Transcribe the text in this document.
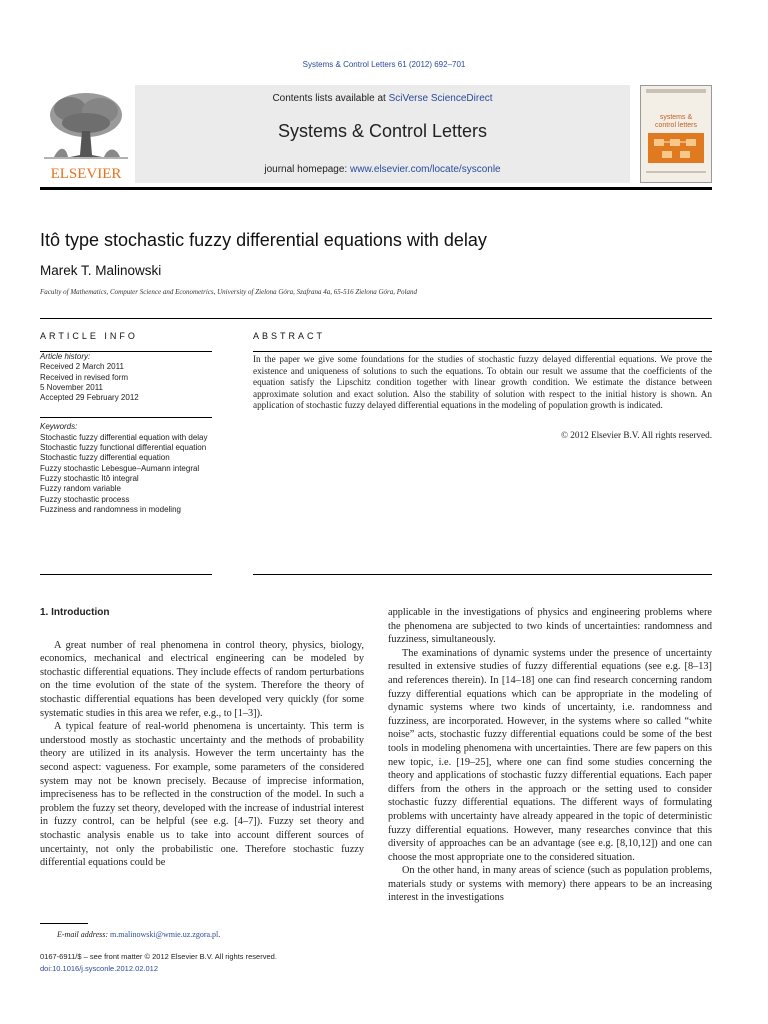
Systems & Control Letters 61 (2012) 692–701
ELSEVIER
Contents lists available at SciVerse ScienceDirect
Systems & Control Letters
journal homepage: www.elsevier.com/locate/sysconle
systems &
control letters
Itô type stochastic fuzzy differential equations with delay
Marek T. Malinowski
Faculty of Mathematics, Computer Science and Econometrics, University of Zielona Góra, Szafrana 4a, 65-516 Zielona Góra, Poland
ARTICLE INFO	ABSTRACT
Article history:
Received 2 March 2011
Received in revised form
5 November 2011
Accepted 29 February 2012
Keywords:
Stochastic fuzzy differential equation with delay
Stochastic fuzzy functional differential equation
Stochastic fuzzy differential equation
Fuzzy stochastic Lebesgue–Aumann integral
Fuzzy stochastic Itô integral
Fuzzy random variable
Fuzzy stochastic process
Fuzziness and randomness in modeling
In the paper we give some foundations for the studies of stochastic fuzzy delayed differential equations. We prove the existence and uniqueness of solutions to such the equations. To obtain our result we assume that the coefficients of the equation satisfy the Lipschitz condition together with linear growth condition. We estimate the distance between approximate solution and exact solution. Also the stability of solution with respect to the initial history is shown. An application of stochastic fuzzy delayed differential equations in the modeling of population growth is indicated.
© 2012 Elsevier B.V. All rights reserved.
1. Introduction

A great number of real phenomena in control theory, physics, biology, economics, mechanical and electrical engineering can be modeled by stochastic differential equations. They include effects of random perturbations on the time evolution of the state of the system. Therefore the theory of stochastic differential equations has been developed very quickly (for some systematic studies in this area we refer, e.g., to [1–3]).

A typical feature of real-world phenomena is uncertainty. This term is understood mostly as stochastic uncertainty and the methods of probability theory are utilized in its analysis. However the term uncertainty has the second aspect: vagueness. For example, some parameters of the considered system may not be known precisely. Because of imprecise information, impreciseness has to be reflected in the construction of the model. In such a problem the fuzzy set theory, developed with the increase of industrial interest in fuzzy control, can be helpful (see e.g. [4–7]). Fuzzy set theory and stochastic analysis enable us to take into account different sources of uncertainty, not only the probabilistic one. Therefore stochastic fuzzy differential equations could be

applicable in the investigations of physics and engineering problems where the phenomena are subjected to two kinds of uncertainties: randomness and fuzziness, simultaneously.

The examinations of dynamic systems under the presence of uncertainty resulted in extensive studies of fuzzy differential equations (see e.g. [8–13] and references therein). In [14–18] one can find research concerning random fuzzy differential equations which can be appropriate in the modeling of dynamic systems where two kinds of uncertainty, i.e. randomness and fuzziness, are incorporated. However, in the systems where so called “white noise” acts, stochastic fuzzy differential equations could be some of the best tools in modeling phenomena with uncertainties. There are few papers on this new topic, i.e. [19–25], where one can find some studies concerning the theory and applications of stochastic fuzzy differential equations. Each paper differs from the others in the approach or the setting used to consider stochastic fuzzy differential equations. The different ways of formulating problems with uncertainty have already appeared in the topic of deterministic fuzzy differential equations. However, many researches convince that this diversity of approaches can be an advantage (see e.g. [8,10,12]) and one can choose the most appropriate one to the considered situation.

On the other hand, in many areas of science (such as population problems, materials study or systems with memory) there appears to be an increasing interest in the investigations

E-mail address: m.malinowski@wmie.uz.zgora.pl.
0167-6911/$ – see front matter © 2012 Elsevier B.V. All rights reserved.
doi:10.1016/j.sysconle.2012.02.012
